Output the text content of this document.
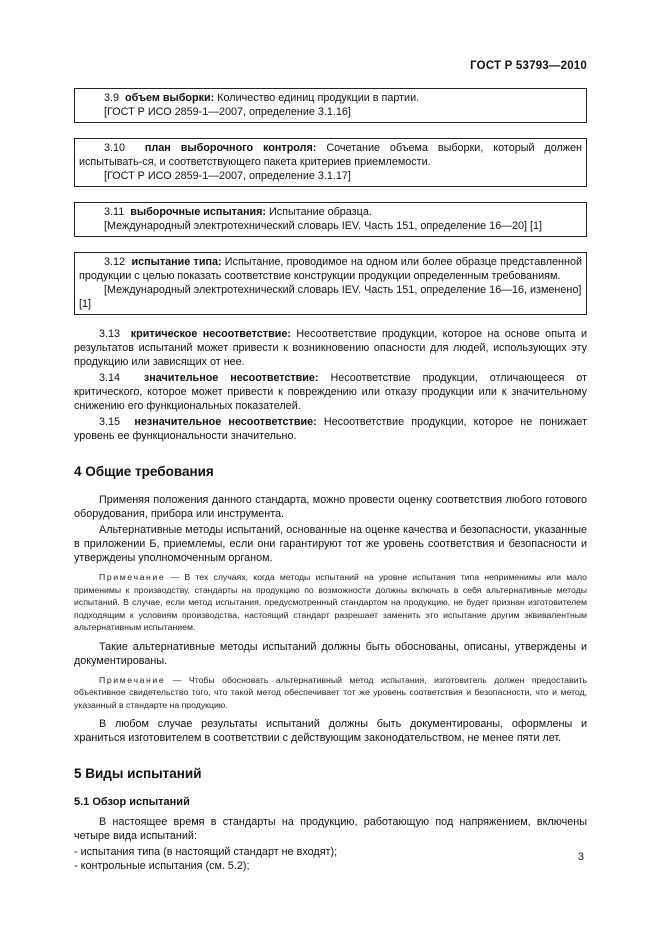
ГОСТ Р 53793—2010

3.9 объем выборки: Количество единиц продукции в партии.

[ГОСТ Р ИСО 2859-1—2007, определение 3.1.16]

3.10 план выборочного контроля: Сочетание объема выборки, который должен испытывать-ся, и соответствующего пакета критериев приемлемости.

[ГОСТ Р ИСО 2859-1—2007, определение 3.1.17]

3.11 выборочные испытания: Испытание образца.

[Международный электротехнический словарь IEV. Часть 151, определение 16—20] [1]

3.12 испытание типа: Испытание, проводимое на одном или более образце представленной продукции с целью показать соответствие конструкции продукции определенным требованиям.

[Международный электротехнический словарь IEV. Часть 151, определение 16—16, изменено]

[1]

3.13 критическое несоответствие: Несоответствие продукции, которое на основе опыта и результатов испытаний может привести к возникновению опасности для людей, использующих эту продукцию или зависящих от нее.

3.14 значительное несоответствие: Несоответствие продукции, отличающееся от критического, которое может привести к повреждению или отказу продукции или к значительному снижению его функциональных показателей.

3.15 незначительное несоответствие: Несоответствие продукции, которое не понижает уровень ее функциональности значительно.

4 Общие требования

Применяя положения данного стандарта, можно провести оценку соответствия любого готового оборудования, прибора или инструмента.

Альтернативные методы испытаний, основанные на оценке качества и безопасности, указанные в приложении Б, приемлемы, если они гарантируют тот же уровень соответствия и безопасности и утверждены уполномоченным органом.

Примечание — В тех случаях, когда методы испытаний на уровне испытания типа неприменимы или мало применимы к производству, стандарты на продукцию по возможности должны включать в себя альтернативные методы испытаний. В случае, если метод испытания, предусмотренный стандартом на продукцию, не будет признан изготовителем подходящим к условиям производства, настоящий стандарт разрешает заменить это испытание другим эквивалентным альтернативным испытанием.

Такие альтернативные методы испытаний должны быть обоснованы, описаны, утверждены и документированы.

Примечание — Чтобы обосновать альтернативный метод испытания, изготовитель должен предоставить объективное свидетельство того, что такой метод обеспечивает тот же уровень соответствия и безопасности, что и метод, указанный в стандарте на продукцию.

В любом случае результаты испытаний должны быть документированы, оформлены и храниться изготовителем в соответствии с действующим законодательством, не менее пяти лет.

5 Виды испытаний
5.1 Обзор испытаний

В настоящее время в стандарты на продукцию, работающую под напряжением, включены четыре вида испытаний:

- испытания типа (в настоящий стандарт не входят);

- контрольные испытания (см. 5.2);

3
